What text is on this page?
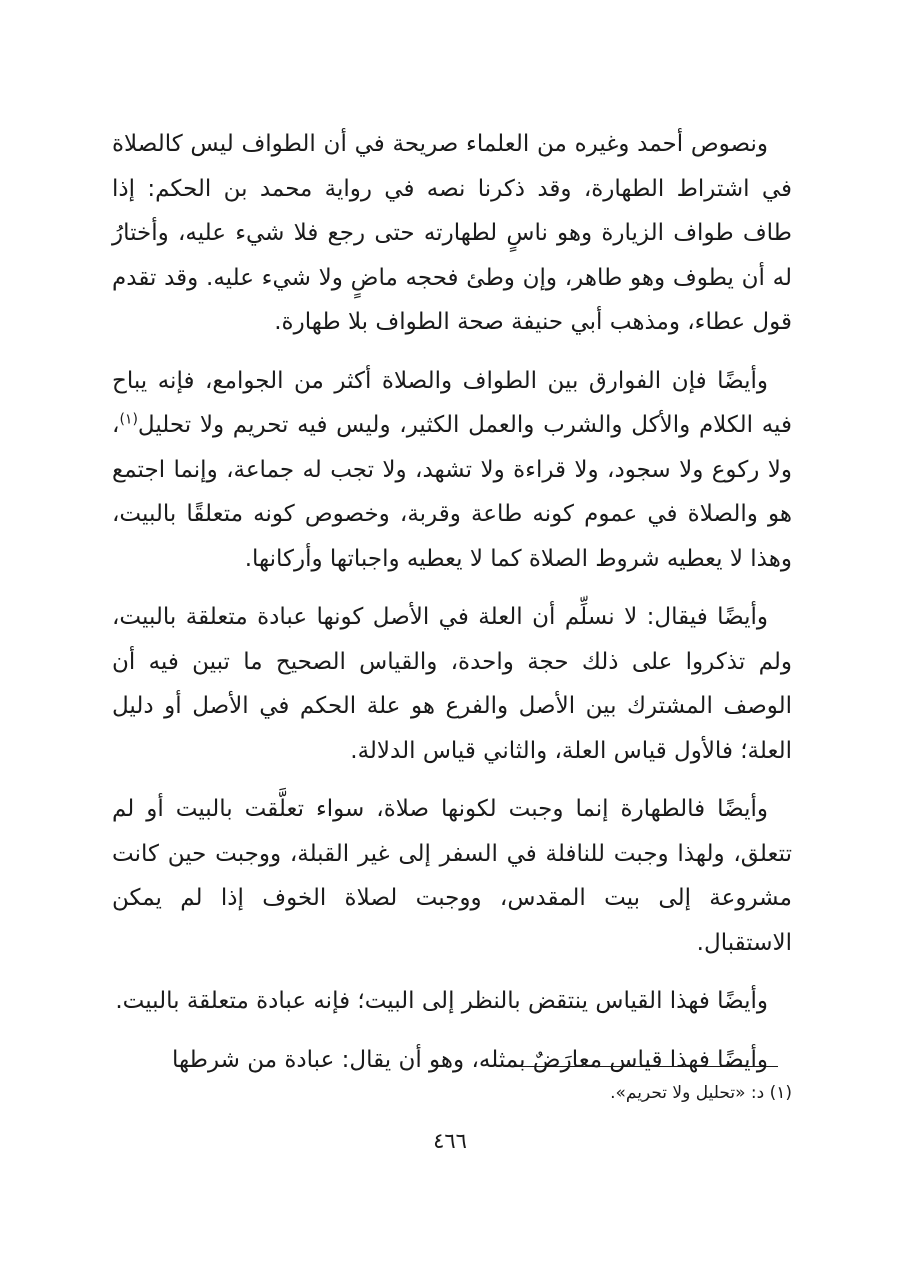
ونصوص أحمد وغيره من العلماء صريحة في أن الطواف ليس كالصلاة في اشتراط الطهارة، وقد ذكرنا نصه في رواية محمد بن الحكم: إذا طاف طواف الزيارة وهو ناسٍ لطهارته حتى رجع فلا شيء عليه، وأختارُ له أن يطوف وهو طاهر، وإن وطئ فحجه ماضٍ ولا شيء عليه. وقد تقدم قول عطاء، ومذهب أبي حنيفة صحة الطواف بلا طهارة.

وأيضًا فإن الفوارق بين الطواف والصلاة أكثر من الجوامع، فإنه يباح فيه الكلام والأكل والشرب والعمل الكثير، وليس فيه تحريم ولا تحليل$^{(١)}$، ولا ركوع ولا سجود، ولا قراءة ولا تشهد، ولا تجب له جماعة، وإنما اجتمع هو والصلاة في عموم كونه طاعة وقربة، وخصوص كونه متعلقًا بالبيت، وهذا لا يعطيه شروط الصلاة كما لا يعطيه واجباتها وأركانها.

وأيضًا فيقال: لا نسلِّم أن العلة في الأصل كونها عبادة متعلقة بالبيت، ولم تذكروا على ذلك حجة واحدة، والقياس الصحيح ما تبين فيه أن الوصف المشترك بين الأصل والفرع هو علة الحكم في الأصل أو دليل العلة؛ فالأول قياس العلة، والثاني قياس الدلالة.

وأيضًا فالطهارة إنما وجبت لكونها صلاة، سواء تعلَّقت بالبيت أو لم تتعلق، ولهذا وجبت للنافلة في السفر إلى غير القبلة، ووجبت حين كانت مشروعة إلى بيت المقدس، ووجبت لصلاة الخوف إذا لم يمكن الاستقبال.

وأيضًا فهذا القياس ينتقض بالنظر إلى البيت؛ فإنه عبادة متعلقة بالبيت.

وأيضًا فهذا قياس معارَضٌ بمثله، وهو أن يقال: عبادة من شرطها

(١) د: «تحليل ولا تحريم».
٤٦٦
